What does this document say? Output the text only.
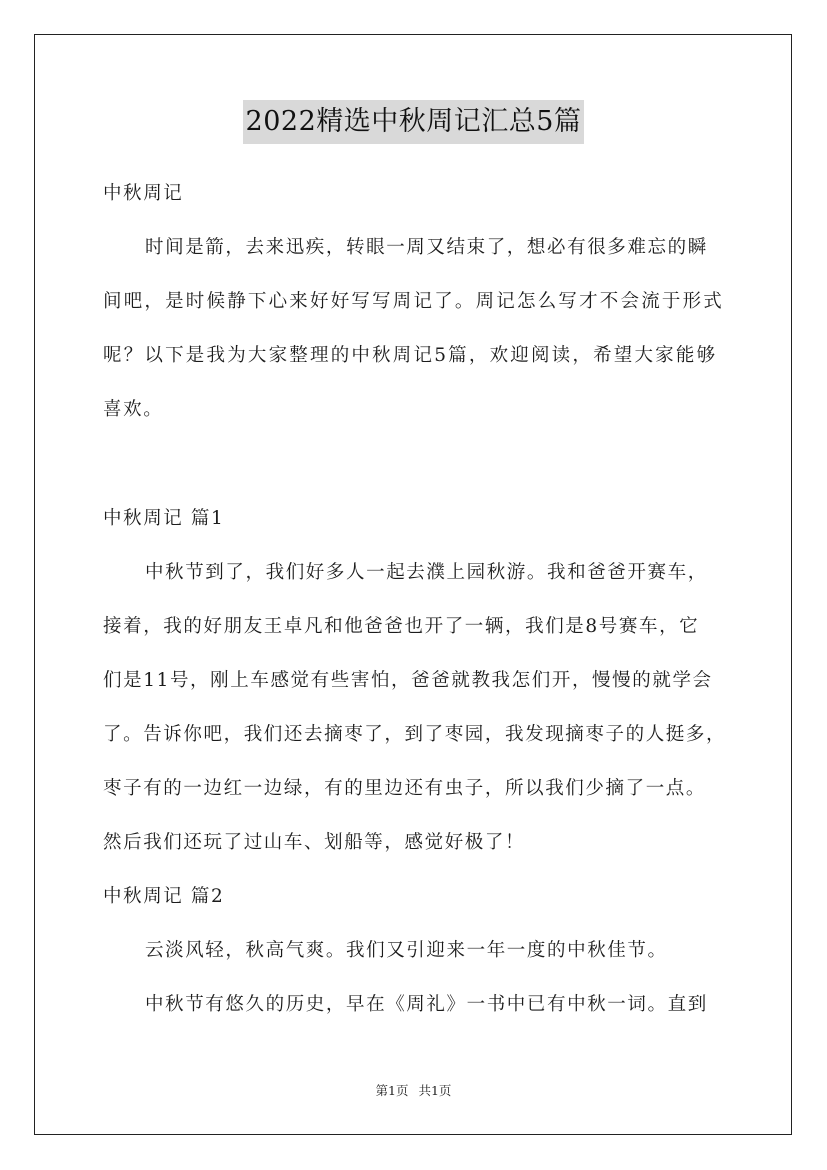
2022精选中秋周记汇总5篇
中秋周记
时间是箭，去来迅疾，转眼一周又结束了，想必有很多难忘的瞬
间吧，是时候静下心来好好写写周记了。周记怎么写才不会流于形式
呢？以下是我为大家整理的中秋周记5篇，欢迎阅读，希望大家能够
喜欢。
中秋周记 篇1
中秋节到了，我们好多人一起去濮上园秋游。我和爸爸开赛车，
接着，我的好朋友王卓凡和他爸爸也开了一辆，我们是8号赛车，它
们是11号，刚上车感觉有些害怕，爸爸就教我怎们开，慢慢的就学会
了。告诉你吧，我们还去摘枣了，到了枣园，我发现摘枣子的人挺多，
枣子有的一边红一边绿，有的里边还有虫子，所以我们少摘了一点。
然后我们还玩了过山车、划船等，感觉好极了！
中秋周记 篇2
云淡风轻，秋高气爽。我们又引迎来一年一度的中秋佳节。
中秋节有悠久的历史，早在《周礼》一书中已有中秋一词。直到
第1页 共1页
